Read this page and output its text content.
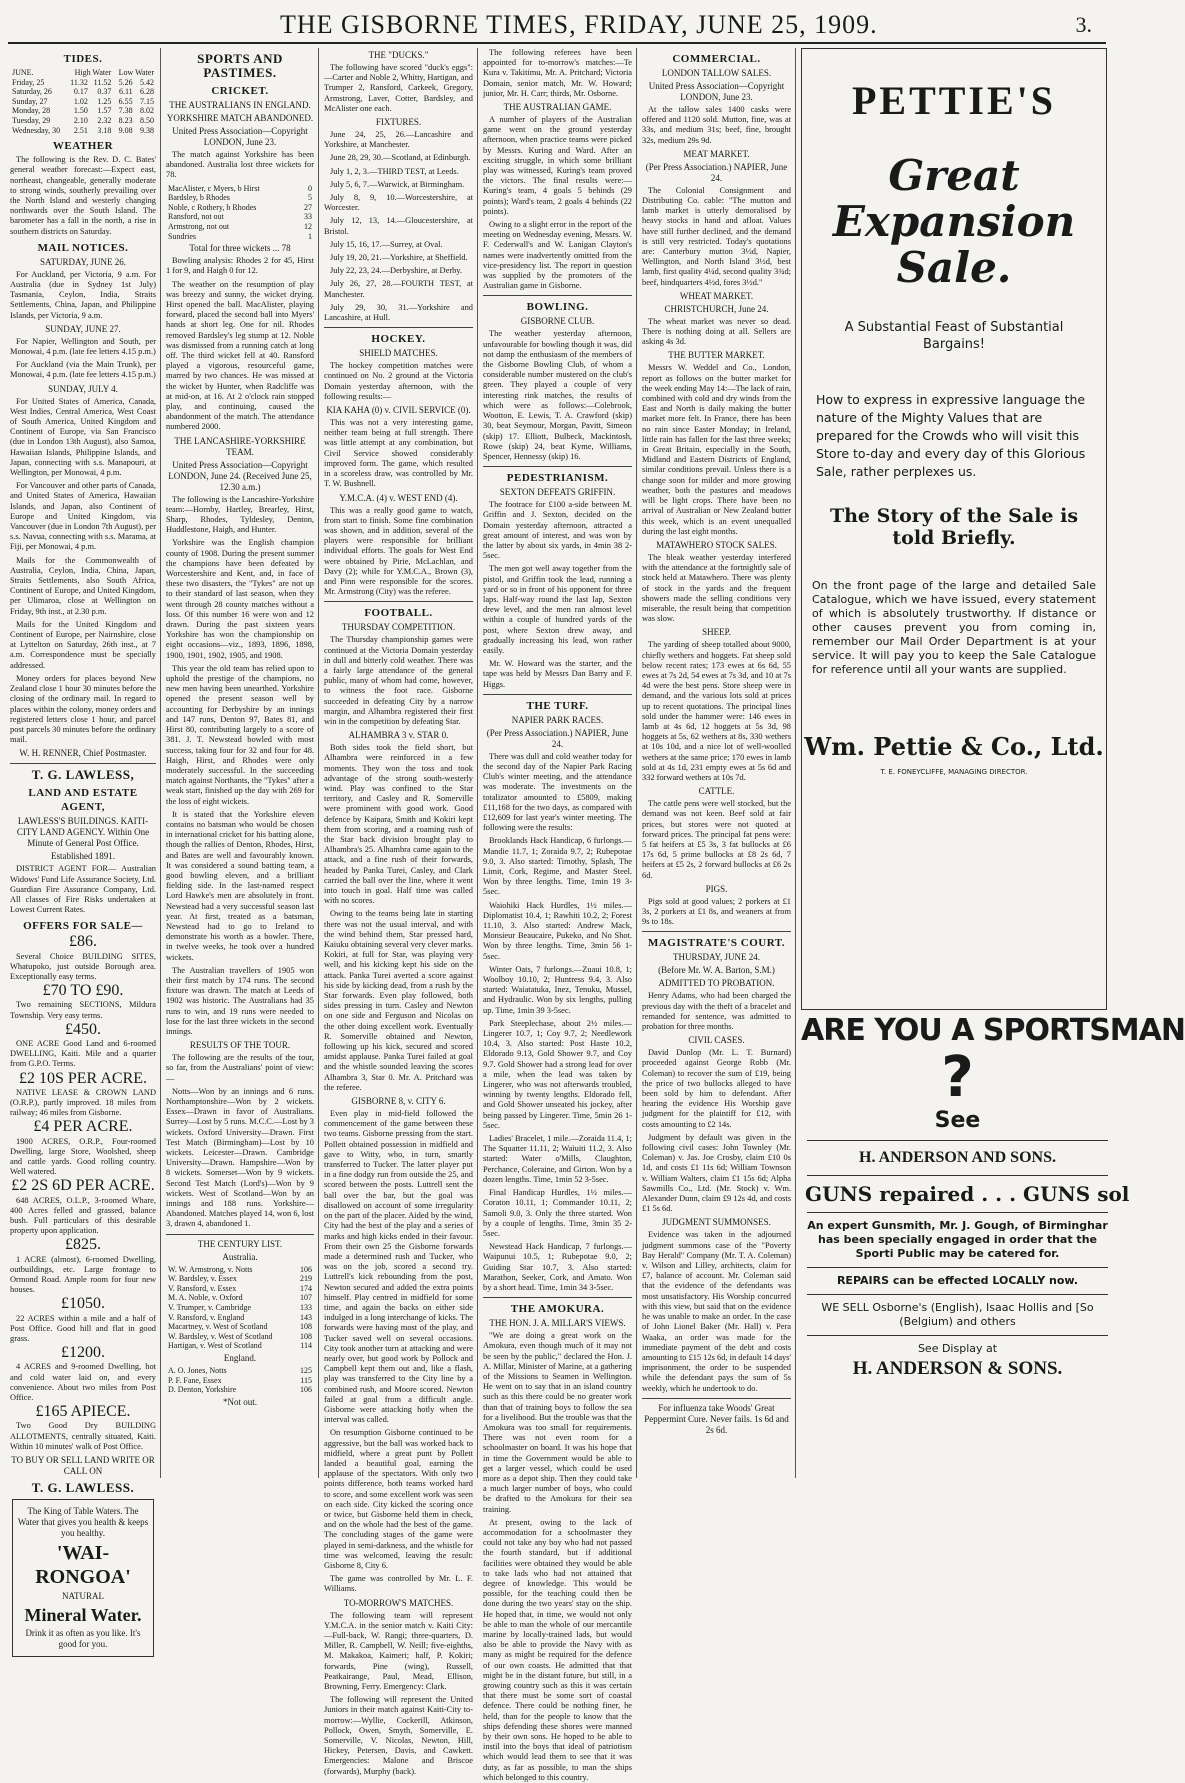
THE GISBORNE TIMES, FRIDAY, JUNE 25, 1909.	3.
TIDES.
JUNE.	High Water		Low Water	
Friday, 25	11.32	11.52	5.26	5.42
Saturday, 26	0.17	0.37	6.11	6.28
Sunday, 27	1.02	1.25	6.55	7.15
Monday, 28	1.50	1.57	7.38	8.02
Tuesday, 29	2.10	2.32	8.23	8.50
Wednesday, 30	2.51	3.18	9.08	9.38
WEATHER

The following is the Rev. D. C. Bates' general weather forecast:—Expect east, northeast, changeable, generally moderate to strong winds, southerly prevailing over the North Island and westerly changing northwards over the South Island. The barometer has a fall in the north, a rise in southern districts on Saturday.

MAIL NOTICES.
SATURDAY, JUNE 26.

For Auckland, per Victoria, 9 a.m. For Australia (due in Sydney 1st July) Tasmania, Ceylon, India, Straits Settlements, China, Japan, and Philippine Islands, per Victoria, 9 a.m.

SUNDAY, JUNE 27.

For Napier, Wellington and South, per Monowai, 4 p.m. (late fee letters 4.15 p.m.)

For Auckland (via the Main Trunk), per Monowai, 4 p.m. (late fee letters 4.15 p.m.)

SUNDAY, JULY 4.

For United States of America, Canada, West Indies, Central America, West Coast of South America, United Kingdom and Continent of Europe, via San Francisco (due in London 13th August), also Samoa, Hawaiian Islands, Philippine Islands, and Japan, connecting with s.s. Manapouri, at Wellington, per Monowai, 4 p.m.

For Vancouver and other parts of Canada, and United States of America, Hawaiian Islands, and Japan, also Continent of Europe and United Kingdom, via Vancouver (due in London 7th August), per s.s. Navua, connecting with s.s. Marama, at Fiji, per Monowai, 4 p.m.

Mails for the Commonwealth of Australia, Ceylon, India, China, Japan, Straits Settlements, also South Africa, Continent of Europe, and United Kingdom, per Ulimaroa, close at Wellington on Friday, 9th inst., at 2.30 p.m.

Mails for the United Kingdom and Continent of Europe, per Nairnshire, close at Lyttelton on Saturday, 26th inst., at 7 a.m. Correspondence must be specially addressed.

Money orders for places beyond New Zealand close 1 hour 30 minutes before the closing of the ordinary mail. In regard to places within the colony, money orders and registered letters close 1 hour, and parcel post parcels 30 minutes before the ordinary mail.

W. H. RENNER, Chief Postmaster.
T. G. LAWLESS,
LAND AND ESTATE AGENT,
LAWLESS'S BUILDINGS. KAITI-CITY LAND AGENCY. Within One Minute of General Post Office.
Established 1891.

DISTRICT AGENT FOR— Australian Widows' Fund Life Assurance Society, Ltd. Guardian Fire Assurance Company, Ltd. All classes of Fire Risks undertaken at Lowest Current Rates.

OFFERS FOR SALE—
£86.

Several Choice BUILDING SITES, Whatupoko, just outside Borough area. Exceptionally easy terms.

£70 TO £90.

Two remaining SECTIONS, Mildura Township. Very easy terms.

£450.

ONE ACRE Good Land and 6-roomed DWELLING, Kaiti. Mile and a quarter from G.P.O. Terms.

£2 10S PER ACRE.

NATIVE LEASE & CROWN LAND (O.R.P.), partly improved. 18 miles from railway; 46 miles from Gisborne.

£4 PER ACRE.

1900 ACRES, O.R.P., Four-roomed Dwelling, large Store, Woolshed, sheep and cattle yards. Good rolling country. Well watered.

£2 2S 6D PER ACRE.

648 ACRES, O.L.P., 3-roomed Whare, 400 Acres felled and grassed, balance bush. Full particulars of this desirable property upon application.

£825.

1 ACRE (almost), 6-roomed Dwelling, outbuildings, etc. Large frontage to Ormond Road. Ample room for four new houses.

£1050.

22 ACRES within a mile and a half of Post Office. Good hill and flat in good grass.

£1200.

4 ACRES and 9-roomed Dwelling, hot and cold water laid on, and every convenience. About two miles from Post Office.

£165 APIECE.

Two Good Dry BUILDING ALLOTMENTS, centrally situated, Kaiti. Within 10 minutes' walk of Post Office.

TO BUY OR SELL LAND WRITE OR CALL ON
T. G. LAWLESS.
The King of Table Waters. The Water that gives you health & keeps you healthy.
'WAI-RONGOA'
NATURAL
Mineral Water.
Drink it as often as you like. It's good for you.
SPORTS AND PASTIMES.
CRICKET.
THE AUSTRALIANS IN ENGLAND.
YORKSHIRE MATCH ABANDONED.
United Press Association—Copyright LONDON, June 23.

The match against Yorkshire has been abandoned. Australia lost three wickets for 78.

MacAlister, c Myers, b Hirst	0
Bardsley, b Rhodes	5
Noble, c Rothery, b Rhodes	27
Ransford, not out	33
Armstrong, not out	12
Sundries	1
Total for three wickets ... 78

Bowling analysis: Rhodes 2 for 45, Hirst 1 for 9, and Haigh 0 for 12.

The weather on the resumption of play was breezy and sunny, the wicket drying. Hirst opened the ball. MacAlister, playing forward, placed the second ball into Myers' hands at short leg. One for nil. Rhodes removed Bardsley's leg stump at 12. Noble was dismissed from a running catch at long off. The third wicket fell at 40. Ransford played a vigorous, resourceful game, marred by two chances. He was missed at the wicket by Hunter, when Radcliffe was at mid-on, at 16. At 2 o'clock rain stopped play, and continuing, caused the abandonment of the match. The attendance numbered 2000.

THE LANCASHIRE-YORKSHIRE TEAM.
United Press Association—Copyright LONDON, June 24. (Received June 25, 12.30 a.m.)

The following is the Lancashire-Yorkshire team:—Hornby, Hartley, Brearley, Hirst, Sharp, Rhodes, Tyldesley, Denton, Huddlestone, Haigh, and Hunter.

Yorkshire was the English champion county of 1908. During the present summer the champions have been defeated by Worcestershire and Kent, and, in face of these two disasters, the "Tykes" are not up to their standard of last season, when they went through 28 county matches without a loss. Of this number 16 were won and 12 drawn. During the past sixteen years Yorkshire has won the championship on eight occasions—viz., 1893, 1896, 1898, 1900, 1901, 1902, 1905, and 1908.

This year the old team has relied upon to uphold the prestige of the champions, no new men having been unearthed. Yorkshire opened the present season well by accounting for Derbyshire by an innings and 147 runs, Denton 97, Bates 81, and Hirst 80, contributing largely to a score of 381. J. T. Newstead bowled with most success, taking four for 32 and four for 48. Haigh, Hirst, and Rhodes were only moderately successful. In the succeeding match against Northants, the "Tykes" after a weak start, finished up the day with 269 for the loss of eight wickets.

It is stated that the Yorkshire eleven contains no batsman who would be chosen in international cricket for his batting alone, though the rallies of Denton, Rhodes, Hirst, and Bates are well and favourably known. It was considered a sound batting team, a good bowling eleven, and a brilliant fielding side. In the last-named respect Lord Hawke's men are absolutely in front. Newstead had a very successful season last year. At first, treated as a batsman, Newstead had to go to Ireland to demonstrate his worth as a bowler. There, in twelve weeks, he took over a hundred wickets.

The Australian travellers of 1905 won their first match by 174 runs. The second fixture was drawn. The match at Leeds of 1902 was historic. The Australians had 35 runs to win, and 19 runs were needed to lose for the last three wickets in the second innings.

RESULTS OF THE TOUR.

The following are the results of the tour, so far, from the Australians' point of view:—

Notts—Won by an innings and 6 runs. Northamptonshire—Won by 2 wickets. Essex—Drawn in favor of Australians. Surrey—Lost by 5 runs. M.C.C.—Lost by 3 wickets. Oxford University—Drawn. First Test Match (Birmingham)—Lost by 10 wickets. Leicester—Drawn. Cambridge University—Drawn. Hampshire—Won by 8 wickets. Somerset—Won by 9 wickets. Second Test Match (Lord's)—Won by 9 wickets. West of Scotland—Won by an innings and 188 runs. Yorkshire—Abandoned. Matches played 14, won 6, lost 3, drawn 4, abandoned 1.

THE CENTURY LIST.
Australia.
W. W. Armstrong, v. Notts	106
W. Bardsley, v. Essex	219
V. Ransford, v. Essex	174
M. A. Noble, v. Oxford	107
V. Trumper, v. Cambridge	133
V. Ransford, v. England	143
Macartney, v. West of Scotland	108
W. Bardsley, v. West of Scotland	108
Hartigan, v. West of Scotland	114
England.
A. O. Jones, Notts	125
P. F. Fane, Essex	115
D. Denton, Yorkshire	106
*Not out.
THE "DUCKS."

The following have scored "duck's eggs":—Carter and Noble 2, Whitty, Hartigan, and Trumper 2, Ransford, Carkeek, Gregory, Armstrong, Laver, Cotter, Bardsley, and McAlister one each.

FIXTURES.

June 24, 25, 26.—Lancashire and Yorkshire, at Manchester.

June 28, 29, 30.—Scotland, at Edinburgh.

July 1, 2, 3.—THIRD TEST, at Leeds.

July 5, 6, 7.—Warwick, at Birmingham.

July 8, 9, 10.—Worcestershire, at Worcester.

July 12, 13, 14.—Gloucestershire, at Bristol.

July 15, 16, 17.—Surrey, at Oval.

July 19, 20, 21.—Yorkshire, at Sheffield.

July 22, 23, 24.—Derbyshire, at Derby.

July 26, 27, 28.—FOURTH TEST, at Manchester.

July 29, 30, 31.—Yorkshire and Lancashire, at Hull.

HOCKEY.
SHIELD MATCHES.

The hockey competition matches were continued on No. 2 ground at the Victoria Domain yesterday afternoon, with the following results:—

KIA KAHA (0) v. CIVIL SERVICE (0).

This was not a very interesting game, neither team being at full strength. There was little attempt at any combination, but Civil Service showed considerably improved form. The game, which resulted in a scoreless draw, was controlled by Mr. T. W. Bushnell.

Y.M.C.A. (4) v. WEST END (4).

This was a really good game to watch, from start to finish. Some fine combination was shown, and in addition, several of the players were responsible for brilliant individual efforts. The goals for West End were obtained by Pirie, McLachlan, and Davy (2); while for Y.M.C.A., Brown (3), and Pinn were responsible for the scores. Mr. Armstrong (City) was the referee.

FOOTBALL.
THURSDAY COMPETITION.

The Thursday championship games were continued at the Victoria Domain yesterday in dull and bitterly cold weather. There was a fairly large attendance of the general public, many of whom had come, however, to witness the foot race. Gisborne succeeded in defeating City by a narrow margin, and Alhambra registered their first win in the competition by defeating Star.

ALHAMBRA 3 v. STAR 0.

Both sides took the field short, but Alhambra were reinforced in a few moments. They won the toss and took advantage of the strong south-westerly wind. Play was confined to the Star territory, and Casley and R. Somerville were prominent with good work. Good defence by Kaipara, Smith and Kokiri kept them from scoring, and a roaming rush of the Star back division brought play to Alhambra's 25. Alhambra came again to the attack, and a fine rush of their forwards, headed by Panka Turei, Casley, and Clark carried the ball over the line, where it went into touch in goal. Half time was called with no scores.

Owing to the teams being late in starting there was not the usual interval, and with the wind behind them, Star pressed hard, Kaiuku obtaining several very clever marks. Kokiri, at full for Star, was playing very well, and his kicking kept his side on the attack. Panka Turei averted a score against his side by kicking dead, from a rush by the Star forwards. Even play followed, both sides pressing in turn. Casley and Newton on one side and Ferguson and Nicolas on the other doing excellent work. Eventually R. Somerville obtained and Newton, following up his kick, secured and scored amidst applause. Panka Turei failed at goal and the whistle sounded leaving the scores Alhambra 3, Star 0. Mr. A. Pritchard was the referee.

GISBORNE 8, v. CITY 6.

Even play in mid-field followed the commencement of the game between these two teams. Gisborne pressing from the start. Pollett obtained possession in midfield and gave to Witty, who, in turn, smartly transferred to Tucker. The latter player put in a fine dodgy run from outside the 25, and scored between the posts. Luttrell sent the ball over the bar, but the goal was disallowed on account of some irregularity on the part of the placer. Aided by the wind, City had the best of the play and a series of marks and high kicks ended in their favour. From their own 25 the Gisborne forwards made a determined rush and Tucker, who was on the job, scored a second try. Luttrell's kick rebounding from the post, Newton secured and added the extra points himself. Play centred in midfield for some time, and again the backs on either side indulged in a long interchange of kicks. The forwards were having most of the play, and Tucker saved well on several occasions. City took another turn at attacking and were nearly over, but good work by Pollock and Campbell kept them out and, like a flash, play was transferred to the City line by a combined rush, and Moore scored. Newton failed at goal from a difficult angle. Gisborne were attacking hotly when the interval was called.

On resumption Gisborne continued to be aggressive, but the ball was worked back to midfield, where a great punt by Pollett landed a beautiful goal, earning the applause of the spectators. With only two points difference, both teams worked hard to score, and some excellent work was seen on each side. City kicked the scoring once or twice, but Gisborne held them in check, and on the whole had the best of the game. The concluding stages of the game were played in semi-darkness, and the whistle for time was welcomed, leaving the result: Gisborne 8, City 6.

The game was controlled by Mr. L. F. Williams.

TO-MORROW'S MATCHES.

The following team will represent Y.M.C.A. in the senior match v. Kaiti City:—Full-back, W. Rangi; three-quarters, D. Miller, R. Campbell, W. Neill; five-eighths, M. Makakoa, Kaimeri; half, P. Kokiri; forwards, Pine (wing), Russell, Peatkairange, Paul, Mead, Ellison, Browning, Ferry. Emergency: Clark.

The following will represent the United Juniors in their match against Kaiti-City to-morrow:—Wyllie, Cockerill, Atkinson, Pollock, Owen, Smyth, Somerville, E. Somerville, V. Nicolas, Newton, Hill, Hickey, Petersen, Davis, and Cawkett. Emergencies: Malone and Briscoe (forwards), Murphy (back).

The following referees have been appointed for to-morrow's matches:—Te Kura v. Takitimu, Mr. A. Pritchard; Victoria Domain, senior match, Mr. W. Howard; junior, Mr. H. Carr; thirds, Mr. Osborne.

THE AUSTRALIAN GAME.

A number of players of the Australian game went on the ground yesterday afternoon, when practice teams were picked by Messrs. Kuring and Ward. After an exciting struggle, in which some brilliant play was witnessed, Kuring's team proved the victors. The final results were:—Kuring's team, 4 goals 5 behinds (29 points); Ward's team, 2 goals 4 behinds (22 points).

Owing to a slight error in the report of the meeting on Wednesday evening, Messrs. W. F. Cederwall's and W. Lanigan Clayton's names were inadvertently omitted from the vice-presidency list. The report in question was supplied by the promoters of the Australian game in Gisborne.

BOWLING.
GISBORNE CLUB.

The weather yesterday afternoon, unfavourable for bowling though it was, did not damp the enthusiasm of the members of the Gisborne Bowling Club, of whom a considerable number mustered on the club's green. They played a couple of very interesting rink matches, the results of which were as follows:—Colebrook, Wootton, E. Lewis, T. A. Crawford (skip) 30, beat Seymour, Morgan, Pavitt, Simeon (skip) 17. Elliott, Bulbeck, Mackintosh, Rowe (skip) 24, beat Kyme, Williams, Spencer, Hennessy (skip) 16.

PEDESTRIANISM.
SEXTON DEFEATS GRIFFIN.

The footrace for £100 a-side between M. Griffin and J. Sexton, decided on the Domain yesterday afternoon, attracted a great amount of interest, and was won by the latter by about six yards, in 4min 38 2-5sec.

The men got well away together from the pistol, and Griffin took the lead, running a yard or so in front of his opponent for three laps. Half-way round the last lap, Sexton drew level, and the men ran almost level within a couple of hundred yards of the post, where Sexton drew away, and gradually increasing his lead, won rather easily.

Mr. W. Howard was the starter, and the tape was held by Messrs Dan Barry and F. Higgs.

THE TURF.
NAPIER PARK RACES.
(Per Press Association.) NAPIER, June 24.

There was dull and cold weather today for the second day of the Napier Park Racing Club's winter meeting, and the attendance was moderate. The investments on the totalizator amounted to £5809, making £11,168 for the two days, as compared with £12,609 for last year's winter meeting. The following were the results:

Brooklands Hack Handicap, 6 furlongs.—Mandie 11.7, 1; Zoraida 9.7, 2; Rubepotae 9.0, 3. Also started: Timothy, Splash, The Limit, Cork, Regime, and Master Steel. Won by three lengths. Time, 1min 19 3-5sec.

Waiohiki Hack Hurdles, 1½ miles.—Diplomatist 10.4, 1; Rawhiti 10.2, 2; Forest 11.10, 3. Also started: Andrew Mack, Monsieur Beaucaire, Pukeko, and No Shot. Won by three lengths. Time, 3min 56 1-5sec.

Winter Oats, 7 furlongs.—Zuaui 10.8, 1; Woolboy 10.10, 2; Huntress 9.4, 3. Also started: Waiatatuka, Inez, Tenuku, Mussel, and Hydraulic. Won by six lengths, pulling up. Time, 1min 39 3-5sec.

Park Steeplechase, about 2½ miles.—Lingerer 10.7, 1; Coy 9.7, 2; Needlework 10.4, 3. Also started: Post Haste 10.2, Eldorado 9.13, Gold Shower 9.7, and Coy 9.7. Gold Shower had a strong lead for over a mile, when the lead was taken by Lingerer, who was not afterwards troubled, winning by twenty lengths. Eldorado fell, and Gold Shower unseated his jockey, after being passed by Lingerer. Time, 5min 26 1-5sec.

Ladies' Bracelet, 1 mile.—Zoraida 11.4, 1; The Squatter 11.11, 2; Waiuiti 11.2, 3. Also started: Water o'Mills, Claughton, Perchance, Coleraine, and Girton. Won by a dozen lengths. Time, 1min 52 3-5sec.

Final Handicap Hurdles, 1½ miles.—Coraton 10.11, 1; Commander 10.11, 2; Samoli 9.0, 3. Only the three started. Won by a couple of lengths. Time, 3min 35 2-5sec.

Newstead Hack Handicap, 7 furlongs.—Waipunui 10.5, 1; Rubepotae 9.0, 2; Guiding Star 10.7, 3. Also started: Marathon, Seeker, Cork, and Amato. Won by a short head. Time, 1min 34 3-5sec.

THE AMOKURA.
THE HON. J. A. MILLAR'S VIEWS.

"We are doing a great work on the Amokura, even though much of it may not be seen by the public," declared the Hon. J. A. Millar, Minister of Marine, at a gathering of the Missions to Seamen in Wellington. He went on to say that in an island country such as this there could be no greater work than that of training boys to follow the sea for a livelihood. But the trouble was that the Amokura was too small for requirements. There was not even room for a schoolmaster on board. It was his hope that in time the Government would be able to get a larger vessel, which could be used more as a depot ship. Then they could take a much larger number of boys, who could be drafted to the Amokura for their sea training.

At present, owing to the lack of accommodation for a schoolmaster they could not take any boy who had not passed the fourth standard, but if additional facilities were obtained they would be able to take lads who had not attained that degree of knowledge. This would be possible, for the teaching could then be done during the two years' stay on the ship. He hoped that, in time, we would not only be able to man the whole of our mercantile marine by locally-trained lads, but would also be able to provide the Navy with as many as might be required for the defence of our own coasts. He admitted that that might be in the distant future, but still, in a growing country such as this it was certain that there must be some sort of coastal defence. There could be nothing finer, he held, than for the people to know that the ships defending these shores were manned by their own sons. He hoped to be able to instil into the boys that ideal of patriotism which would lead them to see that it was duty, as far as possible, to man the ships which belonged to this country.

COMMERCIAL.
LONDON TALLOW SALES.
United Press Association—Copyright LONDON, June 23.

At the tallow sales 1400 casks were offered and 1120 sold. Mutton, fine, was at 33s, and medium 31s; beef, fine, brought 32s, medium 29s 9d.

MEAT MARKET.
(Per Press Association.) NAPIER, June 24.

The Colonial Consignment and Distributing Co. cable: "The mutton and lamb market is utterly demoralised by heavy stocks in hand and afloat. Values have still further declined, and the demand is still very restricted. Today's quotations are: Canterbury mutton 3½d, Napier, Wellington, and North Island 3½d, best lamb, first quality 4¼d, second quality 3¾d; beef, hindquarters 4½d, fores 3½d."

WHEAT MARKET.
CHRISTCHURCH, June 24.

The wheat market was never so dead. There is nothing doing at all. Sellers are asking 4s 3d.

THE BUTTER MARKET.

Messrs W. Weddel and Co., London, report as follows on the butter market for the week ending May 14:—The lack of rain, combined with cold and dry winds from the East and North is daily making the butter market more felt. In France, there has been no rain since Easter Monday; in Ireland, little rain has fallen for the last three weeks; in Great Britain, especially in the South, Midland and Eastern Districts of England, similar conditions prevail. Unless there is a change soon for milder and more growing weather, both the pastures and meadows will be light crops. There have been no arrival of Australian or New Zealand butter this week, which is an event unequalled during the last eight months.

MATAWHERO STOCK SALES.

The bleak weather yesterday interfered with the attendance at the fortnightly sale of stock held at Matawhero. There was plenty of stock in the yards and the frequent showers made the selling conditions very miserable, the result being that competition was slow.

SHEEP.

The yarding of sheep totalled about 9000, chiefly wethers and hoggets. Fat sheep sold below recent rates; 173 ewes at 6s 6d, 55 ewes at 7s 2d, 54 ewes at 7s 3d, and 10 at 7s 4d were the best pens. Store sheep were in demand, and the various lots sold at prices up to recent quotations. The principal lines sold under the hammer were: 146 ewes in lamb at 4s 6d, 12 hoggets at 5s 3d, 98 hoggets at 5s, 62 wethers at 8s, 330 wethers at 10s 10d, and a nice lot of well-woolled wethers at the same price; 170 ewes in lamb sold at 4s 1d, 231 empty ewes at 5s 6d and 332 forward wethers at 10s 7d.

CATTLE.

The cattle pens were well stocked, but the demand was not keen. Beef sold at fair prices, but stores were not quoted at forward prices. The principal fat pens were: 5 fat heifers at £5 3s, 3 fat bullocks at £6 17s 6d, 5 prime bullocks at £8 2s 6d, 7 heifers at £5 2s, 2 forward bullocks at £6 2s 6d.

PIGS.

Pigs sold at good values; 2 porkers at £1 3s, 2 porkers at £1 8s, and weaners at from 9s to 18s.

MAGISTRATE'S COURT.
THURSDAY, JUNE 24.
(Before Mr. W. A. Barton, S.M.)
ADMITTED TO PROBATION.

Henry Adams, who had been charged the previous day with the theft of a bracelet and remanded for sentence, was admitted to probation for three months.

CIVIL CASES.

David Dunlop (Mr. L. T. Burnard) proceeded against George Robb (Mr. Coleman) to recover the sum of £19, being the price of two bullocks alleged to have been sold by him to defendant. After hearing the evidence His Worship gave judgment for the plaintiff for £12, with costs amounting to £2 14s.

Judgment by default was given in the following civil cases: John Townley (Mr. Coleman) v. Jas. Joe Crosby, claim £10 0s 1d, and costs £1 11s 6d; William Townson v. William Walters, claim £1 15s 6d; Alpha Sawmills Co., Ltd. (Mr. Stock) v. Wm. Alexander Dunn, claim £9 12s 4d, and costs £1 5s 6d.

JUDGMENT SUMMONSES.

Evidence was taken in the adjourned judgment summons case of the "Poverty Bay Herald" Company (Mr. T. A. Coleman) v. Wilson and Lilley, architects, claim for £7, balance of account. Mr. Coleman said that the evidence of the defendants was most unsatisfactory. His Worship concurred with this view, but said that on the evidence he was unable to make an order. In the case of John Lionel Baker (Mr. Hall) v. Pera Waaka, an order was made for the immediate payment of the debt and costs amounting to £15 12s 6d, in default 14 days' imprisonment, the order to be suspended while the defendant pays the sum of 5s weekly, which he undertook to do.

For influenza take Woods' Great Peppermint Cure. Never fails. 1s 6d and 2s 6d.
PETTIE'S
Great
Expansion
Sale.
A Substantial Feast of Substantial Bargains!
How to express in expressive language the nature of the Mighty Values that are prepared for the Crowds who will visit this Store to-day and every day of this Glorious Sale, rather perplexes us.
The Story of the Sale is told Briefly.
On the front page of the large and detailed Sale Catalogue, which we have issued, every statement of which is absolutely trustworthy. If distance or other causes prevent you from coming in, remember our Mail Order Department is at your service. It will pay you to keep the Sale Catalogue for reference until all your wants are supplied.
Wm. Pettie & Co., Ltd.
T. E. FONEYCLIFFE, MANAGING DIRECTOR.
ARE YOU A SPORTSMAN
?
See
H. ANDERSON AND SONS.
GUNS repaired . . . GUNS sol
An expert Gunsmith, Mr. J. Gough, of Birminghar has been specially engaged in order that the Sporti Public may be catered for.
REPAIRS can be effected LOCALLY now.
WE SELL Osborne's (English), Isaac Hollis and [So (Belgium) and others
See Display at
H. ANDERSON & SONS.
